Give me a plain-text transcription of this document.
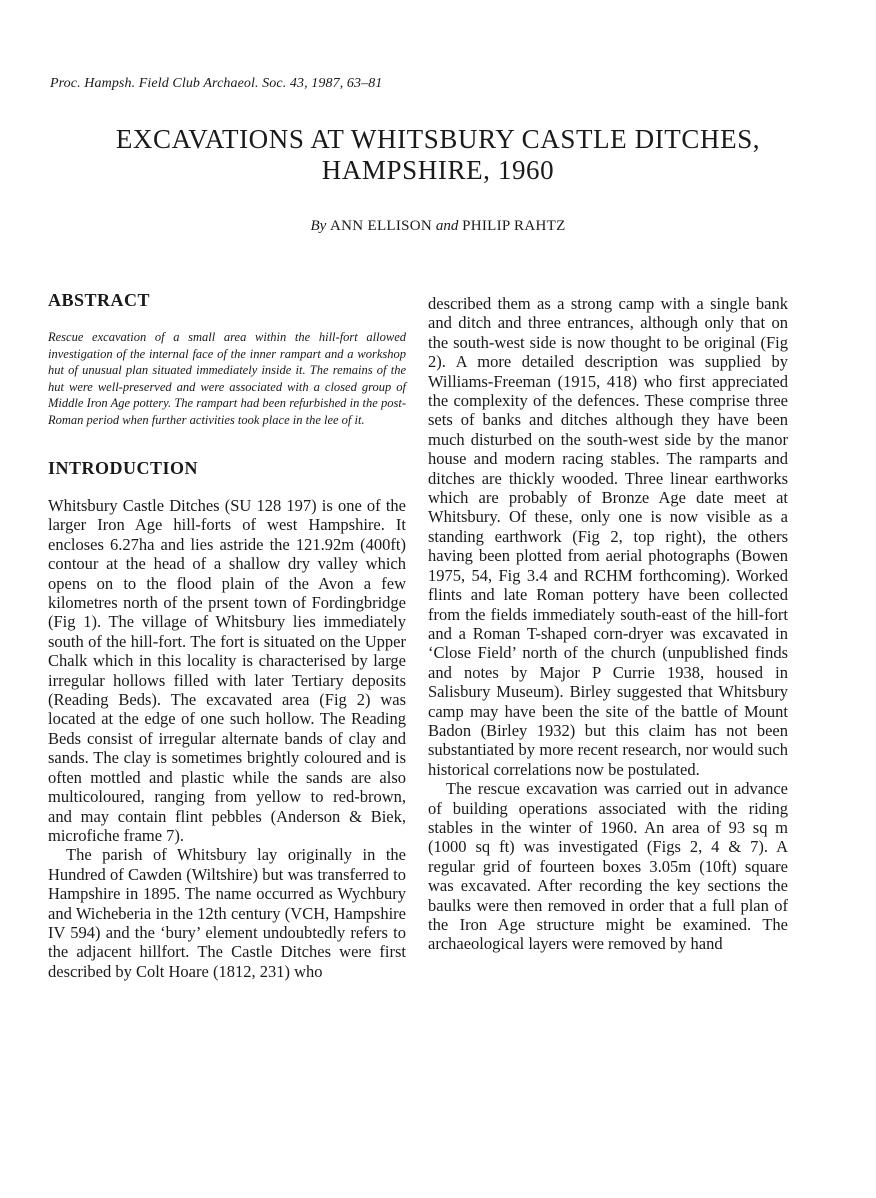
Proc. Hampsh. Field Club Archaeol. Soc. 43, 1987, 63–81
EXCAVATIONS AT WHITSBURY CASTLE DITCHES,
HAMPSHIRE, 1960
By ANN ELLISON and PHILIP RAHTZ
ABSTRACT

Rescue excavation of a small area within the hill-fort allowed investigation of the internal face of the inner rampart and a workshop hut of unusual plan situated immediately inside it. The remains of the hut were well-preserved and were associated with a closed group of Middle Iron Age pottery. The rampart had been refurbished in the post-Roman period when further activities took place in the lee of it.

INTRODUCTION

Whitsbury Castle Ditches (SU 128 197) is one of the larger Iron Age hill-forts of west Hampshire. It encloses 6.27ha and lies astride the 121.92m (400ft) contour at the head of a shallow dry valley which opens on to the flood plain of the Avon a few kilometres north of the prsent town of Fordingbridge (Fig 1). The village of Whitsbury lies immediately south of the hill-fort. The fort is situated on the Upper Chalk which in this locality is characterised by large irregular hollows filled with later Tertiary deposits (Reading Beds). The excavated area (Fig 2) was located at the edge of one such hollow. The Reading Beds consist of irregular alternate bands of clay and sands. The clay is sometimes brightly coloured and is often mottled and plastic while the sands are also multicoloured, ranging from yellow to red-brown, and may contain flint pebbles (Anderson & Biek, microfiche frame 7).

The parish of Whitsbury lay originally in the Hundred of Cawden (Wiltshire) but was transferred to Hampshire in 1895. The name occurred as Wychbury and Wicheberia in the 12th century (VCH, Hampshire IV 594) and the ‘bury’ element undoubtedly refers to the adjacent hillfort. The Castle Ditches were first described by Colt Hoare (1812, 231) who

described them as a strong camp with a single bank and ditch and three entrances, although only that on the south-west side is now thought to be original (Fig 2). A more detailed description was supplied by Williams-Freeman (1915, 418) who first appreciated the complexity of the defences. These comprise three sets of banks and ditches although they have been much disturbed on the south-west side by the manor house and modern racing stables. The ramparts and ditches are thickly wooded. Three linear earthworks which are probably of Bronze Age date meet at Whitsbury. Of these, only one is now visible as a standing earthwork (Fig 2, top right), the others having been plotted from aerial photographs (Bowen 1975, 54, Fig 3.4 and RCHM forthcoming). Worked flints and late Roman pottery have been collected from the fields immediately south-east of the hill-fort and a Roman T-shaped corn-dryer was excavated in ‘Close Field’ north of the church (unpublished finds and notes by Major P Currie 1938, housed in Salisbury Museum). Birley suggested that Whitsbury camp may have been the site of the battle of Mount Badon (Birley 1932) but this claim has not been substantiated by more recent research, nor would such historical correlations now be postulated.

The rescue excavation was carried out in advance of building operations associated with the riding stables in the winter of 1960. An area of 93 sq m (1000 sq ft) was investigated (Figs 2, 4 & 7). A regular grid of fourteen boxes 3.05m (10ft) square was excavated. After recording the key sections the baulks were then removed in order that a full plan of the Iron Age structure might be examined. The archaeological layers were removed by hand
